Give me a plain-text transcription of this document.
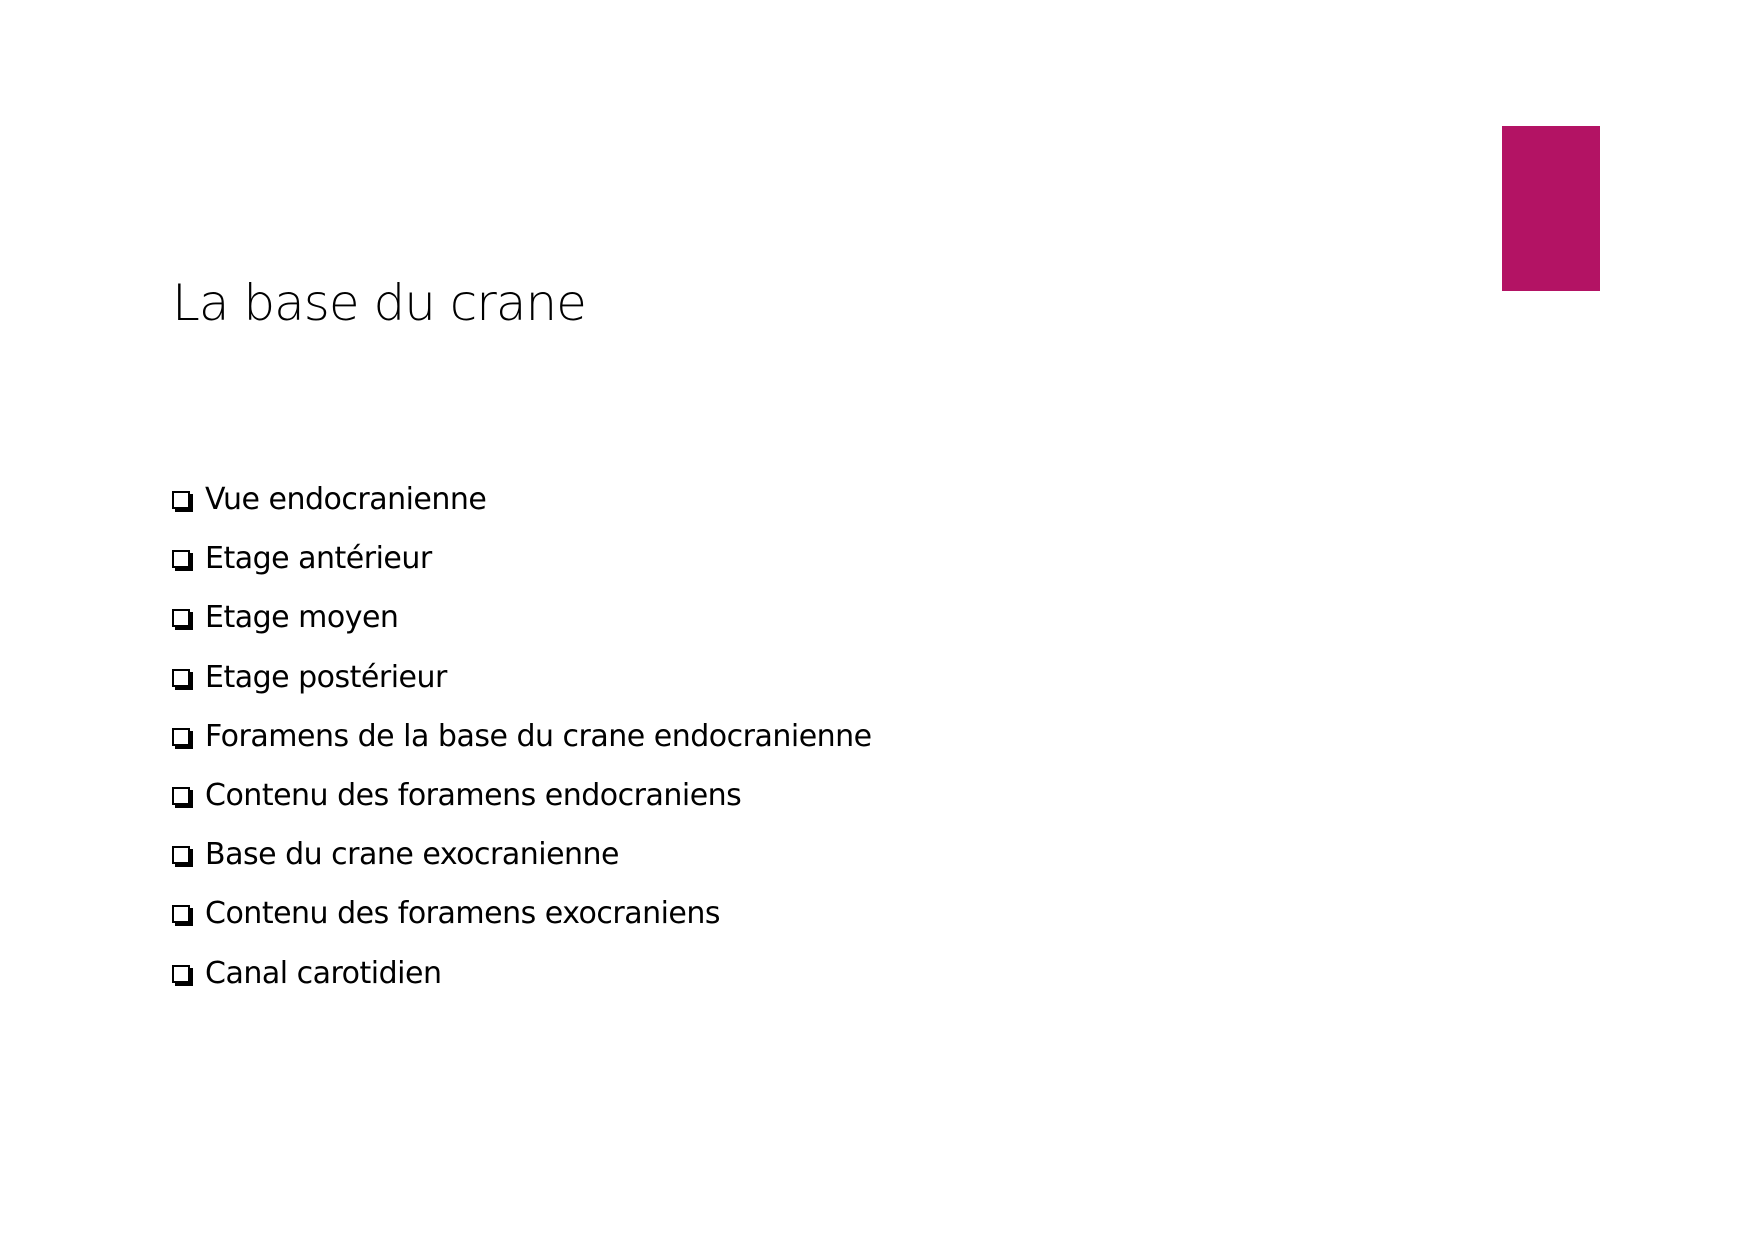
La base du crane
Vue endocranienne
Etage antérieur
Etage moyen
Etage postérieur
Foramens de la base du crane endocranienne
Contenu des foramens endocraniens
Base du crane exocranienne
Contenu des foramens exocraniens
Canal carotidien
